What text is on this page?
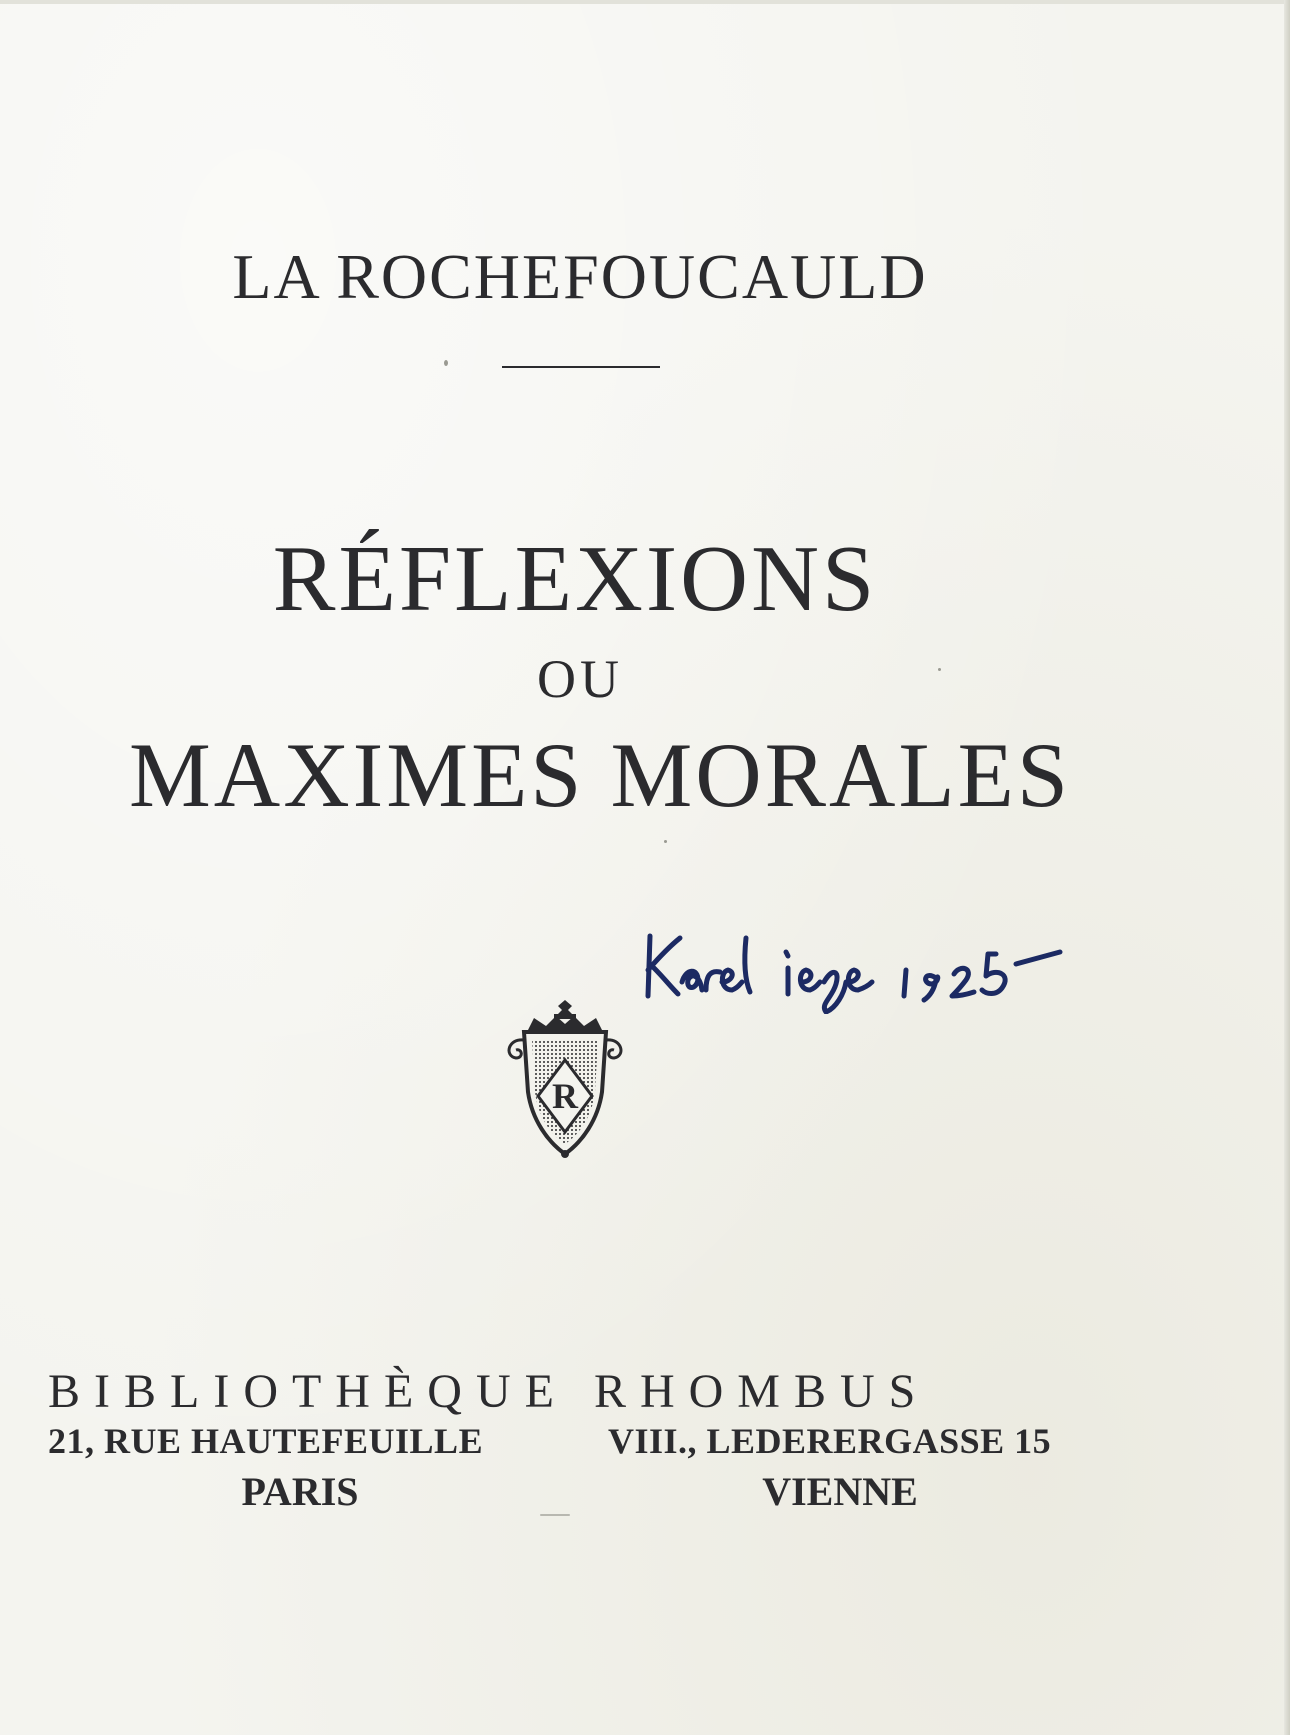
LA ROCHEFOUCAULD
RÉFLEXIONS
OU
MAXIMES MORALES
R
BIBLIOTHÈQUE RHOMBUS
21, RUE HAUTEFEUILLE	VIII., LEDERERGASSE 15
PARIS	VIENNE
